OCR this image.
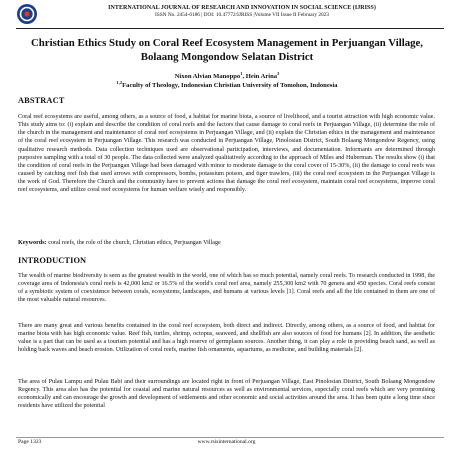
INTERNATIONAL JOURNAL OF RESEARCH AND INNOVATION IN SOCIAL SCIENCE (IJRISS)
ISSN No. 2454-6186 | DOI: 10.47772/IJRISS |Volume VII Issue II February 2023
Christian Ethics Study on Coral Reef Ecosystem Management in Perjuangan Village, Bolaang Mongondow Selatan District
Nixon Alvian Manoppo$^1$, Hein Arina$^2$
$^{1,2}$Faculty of Theology, Indonesian Christian University of Tomohon, Indonesia
ABSTRACT

Coral reef ecosystems are useful, among others, as a source of food, a habitat for marine biota, a source of livelihood, and a tourist attraction with high economic value. This study aims to: (i) explain and describe the condition of coral reefs and the factors that cause damage to coral reefs in Perjuangan Village, (ii) determine the role of the church in the management and maintenance of coral reef ecosystems in Perjuangan Village, and (ii) explain the Christian ethics in the management and maintenance of the coral reef ecosystem in Perjuangan Village. This research was conducted in Perjuangan Village, Pinolosian District, South Bolaang Mongondow Regency, using qualitative research methods. Data collection techniques used are observational participation, interviews, and documentation. Informants are determined through purposive sampling with a total of 30 people. The data collected were analyzed qualitatively according to the approach of Miles and Huberman. The results show (i) that the condition of coral reefs in the Perjuangan Village had been damaged with minor to moderate damage to the coral cover of 15-30%, (ii) the damage to coral reefs was caused by catching reef fish that used arrows with compressors, bombs, potassium poison, and tiger trawlers, (iii) the coral reef ecosystem in the Perjuangan Village is the work of God. Therefore the Church and the community have to prevent actions that damage the coral reef ecosystem, maintain coral reef ecosystems, improve coral reef ecosystems, and utilize coral reef ecosystems for human welfare wisely and responsibly.

Keywords: coral reefs, the role of the church, Christian ethics, Perjuangan Village
INTRODUCTION

The wealth of marine biodiversity is seen as the greatest wealth in the world, one of which has so much potential, namely coral reefs. To research conducted in 1998, the coverage area of Indonesia's coral reefs is 42,000 km2 or 16.5% of the world's coral reef area, namely 255,300 km2 with 70 genera and 450 species. Coral reefs consist of a symbiotic system of coexistence between corals, ecosystems, landscapes, and humans at various levels [1]. Coral reefs and all the life contained in them are one of the most valuable natural resources.

There are many great and various benefits contained in the coral reef ecosystem, both direct and indirect. Directly, among others, as a source of food, and habitat for marine biota with has high economic value. Reef fish, turtles, shrimp, octopus, seaweed, and shellfish are also sources of food for humans [2]. In addition, the aesthetic value is a part that can be used as a tourism potential and has a high reserve of germplasm sources. Another thing, it can play a role in providing beach sand, as well as holding back waves and beach erosion. Utilization of coral reefs, marine fish ornaments, aquariums, as medicine, and building materials [2].

The area of Pulau Lampu and Pulau Babi and their surroundings are located right in front of Perjuangan Village, East Pinolosian District, South Bolaang Mongondow Regency. This area also has the potential for coastal and marine natural resources as well as environmental services, especially coral reefs which are very promising economically and can encourage the growth and development of settlements and other economic and social activities around the area. It has been quite a long time since residents have utilized the potential

Page 1323	www.rsisinternational.org
